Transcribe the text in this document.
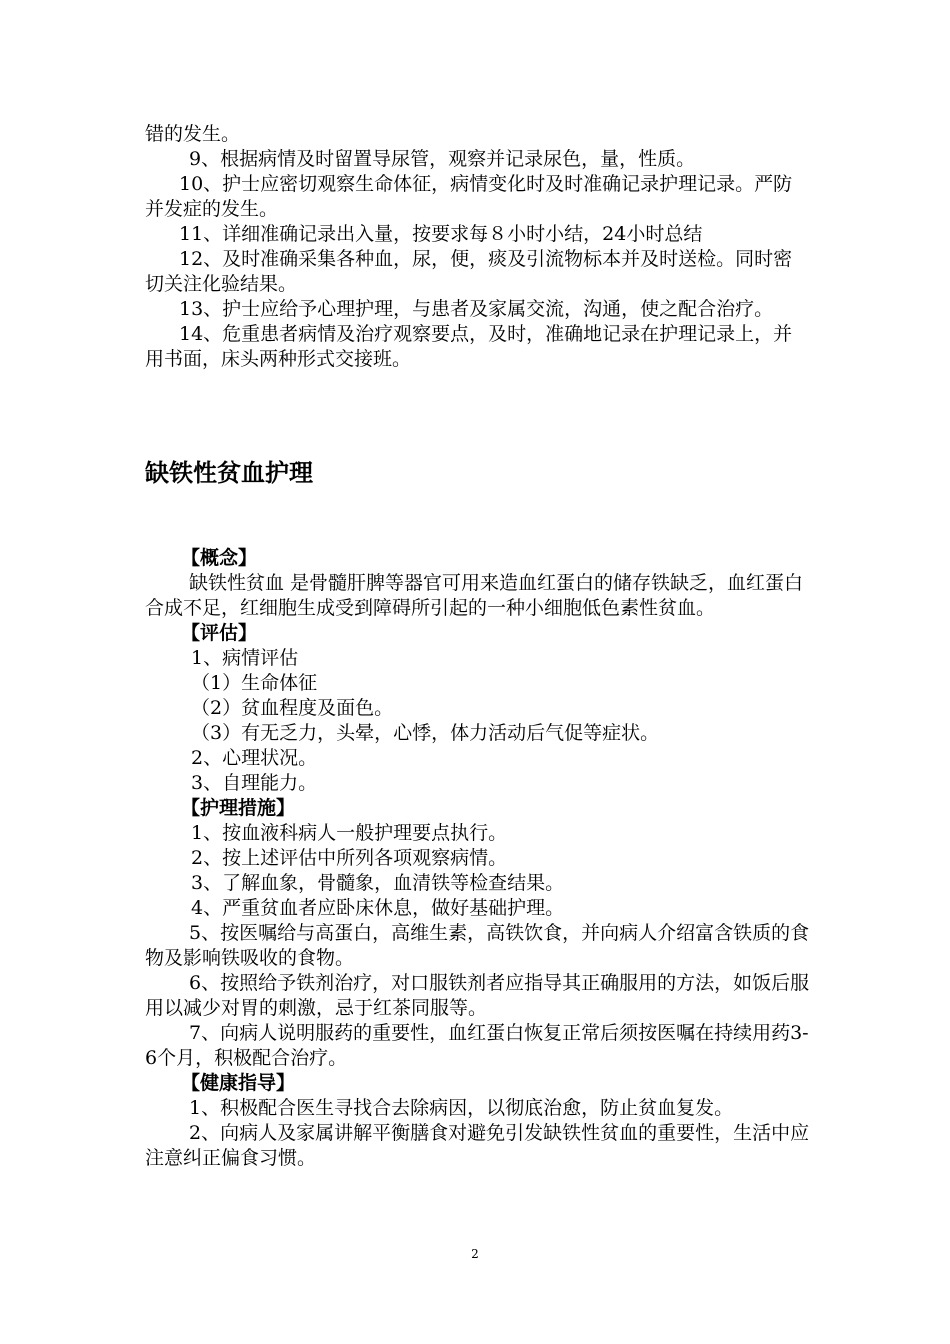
错的发生。

9、根据病情及时留置导尿管，观察并记录尿色，量，性质。

10、护士应密切观察生命体征，病情变化时及时准确记录护理记录。严防并发症的发生。

11、详细准确记录出入量，按要求每８小时小结，24小时总结

12、及时准确采集各种血，尿，便，痰及引流物标本并及时送检。同时密切关注化验结果。

13、护士应给予心理护理，与患者及家属交流，沟通，使之配合治疗。

14、危重患者病情及治疗观察要点，及时，准确地记录在护理记录上，并用书面，床头两种形式交接班。

缺铁性贫血护理

【概念】

缺铁性贫血 是骨髓肝脾等器官可用来造血红蛋白的储存铁缺乏，血红蛋白合成不足，红细胞生成受到障碍所引起的一种小细胞低色素性贫血。

【评估】

1、病情评估

（1）生命体征

（2）贫血程度及面色。

（3）有无乏力，头晕，心悸，体力活动后气促等症状。

2、心理状况。

3、自理能力。

【护理措施】

1、按血液科病人一般护理要点执行。

2、按上述评估中所列各项观察病情。

3、了解血象，骨髓象，血清铁等检查结果。

4、严重贫血者应卧床休息，做好基础护理。

5、按医嘱给与高蛋白，高维生素，高铁饮食，并向病人介绍富含铁质的食物及影响铁吸收的食物。

6、按照给予铁剂治疗，对口服铁剂者应指导其正确服用的方法，如饭后服用以减少对胃的刺激，忌于红茶同服等。

7、向病人说明服药的重要性，血红蛋白恢复正常后须按医嘱在持续用药3-6个月，积极配合治疗。

【健康指导】

1、积极配合医生寻找合去除病因，以彻底治愈，防止贫血复发。

2、向病人及家属讲解平衡膳食对避免引发缺铁性贫血的重要性，生活中应注意纠正偏食习惯。

2
